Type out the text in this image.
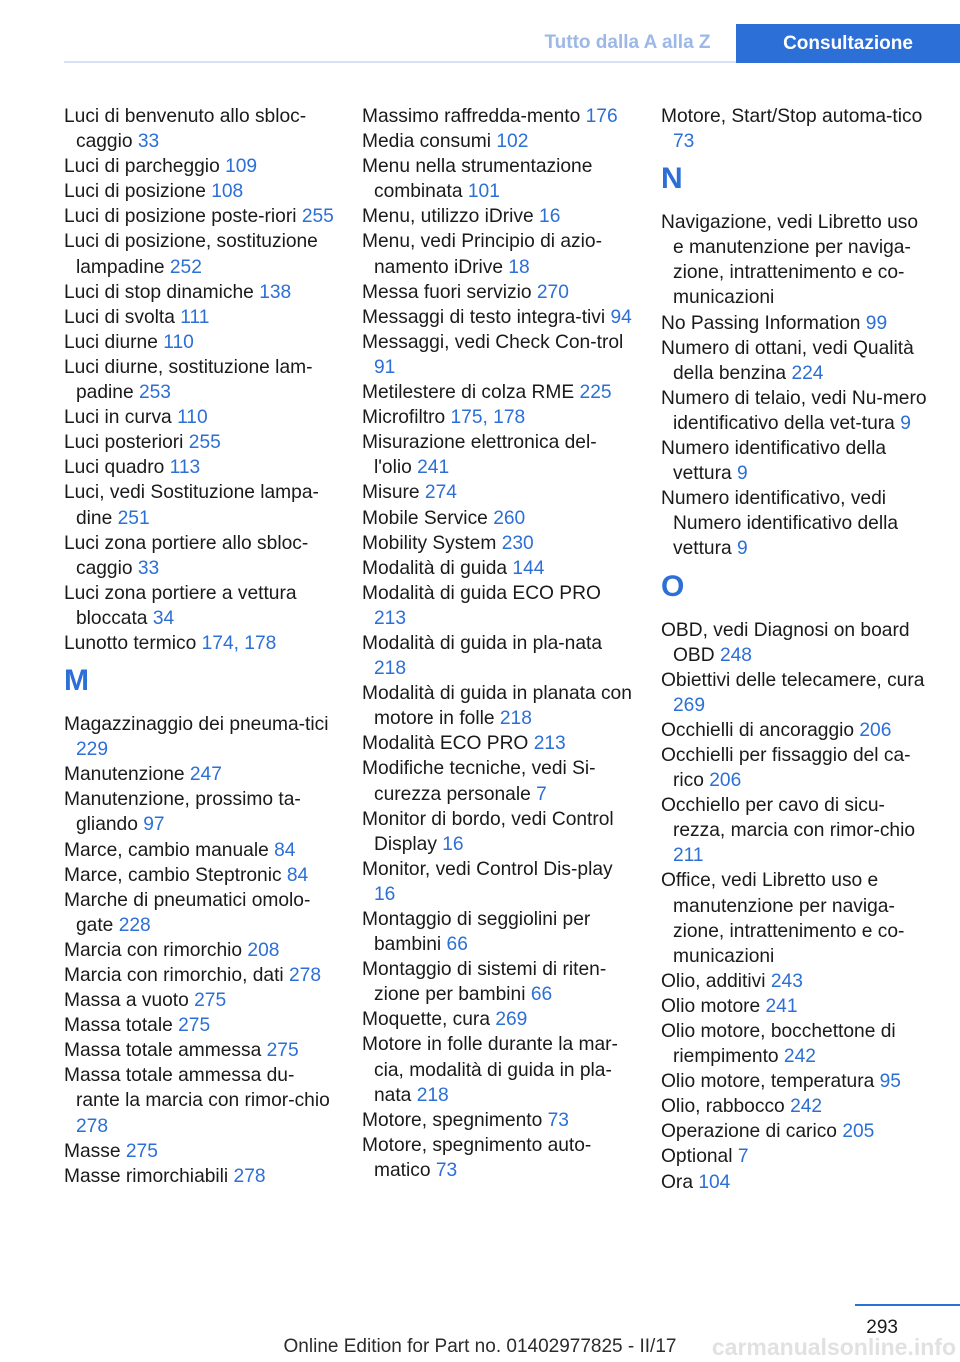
Tutto dalla A alla Z	Consultazione
Luci di benvenuto allo sbloc-caggio 33
Luci di parcheggio 109
Luci di posizione 108
Luci di posizione poste-riori 255
Luci di posizione, sostituzione lampadine 252
Luci di stop dinamiche 138
Luci di svolta 111
Luci diurne 110
Luci diurne, sostituzione lam-padine 253
Luci in curva 110
Luci posteriori 255
Luci quadro 113
Luci, vedi Sostituzione lampa-dine 251
Luci zona portiere allo sbloc-caggio 33
Luci zona portiere a vettura bloccata 34
Lunotto termico 174, 178
M
Magazzinaggio dei pneuma-tici 229
Manutenzione 247
Manutenzione, prossimo ta-gliando 97
Marce, cambio manuale 84
Marce, cambio Steptronic 84
Marche di pneumatici omolo-gate 228
Marcia con rimorchio 208
Marcia con rimorchio, dati 278
Massa a vuoto 275
Massa totale 275
Massa totale ammessa 275
Massa totale ammessa du-rante la marcia con rimor-chio 278
Masse 275
Masse rimorchiabili 278
Massimo raffredda-mento 176
Media consumi 102
Menu nella strumentazione combinata 101
Menu, utilizzo iDrive 16
Menu, vedi Principio di azio-namento iDrive 18
Messa fuori servizio 270
Messaggi di testo integra-tivi 94
Messaggi, vedi Check Con-trol 91
Metilestere di colza RME 225
Microfiltro 175, 178
Misurazione elettronica del-l'olio 241
Misure 274
Mobile Service 260
Mobility System 230
Modalità di guida 144
Modalità di guida ECO PRO 213
Modalità di guida in pla-nata 218
Modalità di guida in planata con motore in folle 218
Modalità ECO PRO 213
Modifiche tecniche, vedi Si-curezza personale 7
Monitor di bordo, vedi Control Display 16
Monitor, vedi Control Dis-play 16
Montaggio di seggiolini per bambini 66
Montaggio di sistemi di riten-zione per bambini 66
Moquette, cura 269
Motore in folle durante la mar-cia, modalità di guida in pla-nata 218
Motore, spegnimento 73
Motore, spegnimento auto-matico 73
Motore, Start/Stop automa-tico 73
N
Navigazione, vedi Libretto uso e manutenzione per naviga-zione, intrattenimento e co-municazioni
No Passing Information 99
Numero di ottani, vedi Qualità della benzina 224
Numero di telaio, vedi Nu-mero identificativo della vet-tura 9
Numero identificativo della vettura 9
Numero identificativo, vedi Numero identificativo della vettura 9
O
OBD, vedi Diagnosi on board OBD 248
Obiettivi delle telecamere, cura 269
Occhielli di ancoraggio 206
Occhielli per fissaggio del ca-rico 206
Occhiello per cavo di sicu-rezza, marcia con rimor-chio 211
Office, vedi Libretto uso e manutenzione per naviga-zione, intrattenimento e co-municazioni
Olio, additivi 243
Olio motore 241
Olio motore, bocchettone di riempimento 242
Olio motore, temperatura 95
Olio, rabbocco 242
Operazione di carico 205
Optional 7
Ora 104
293
Online Edition for Part no. 01402977825 - II/17	carmanualsonline.info
